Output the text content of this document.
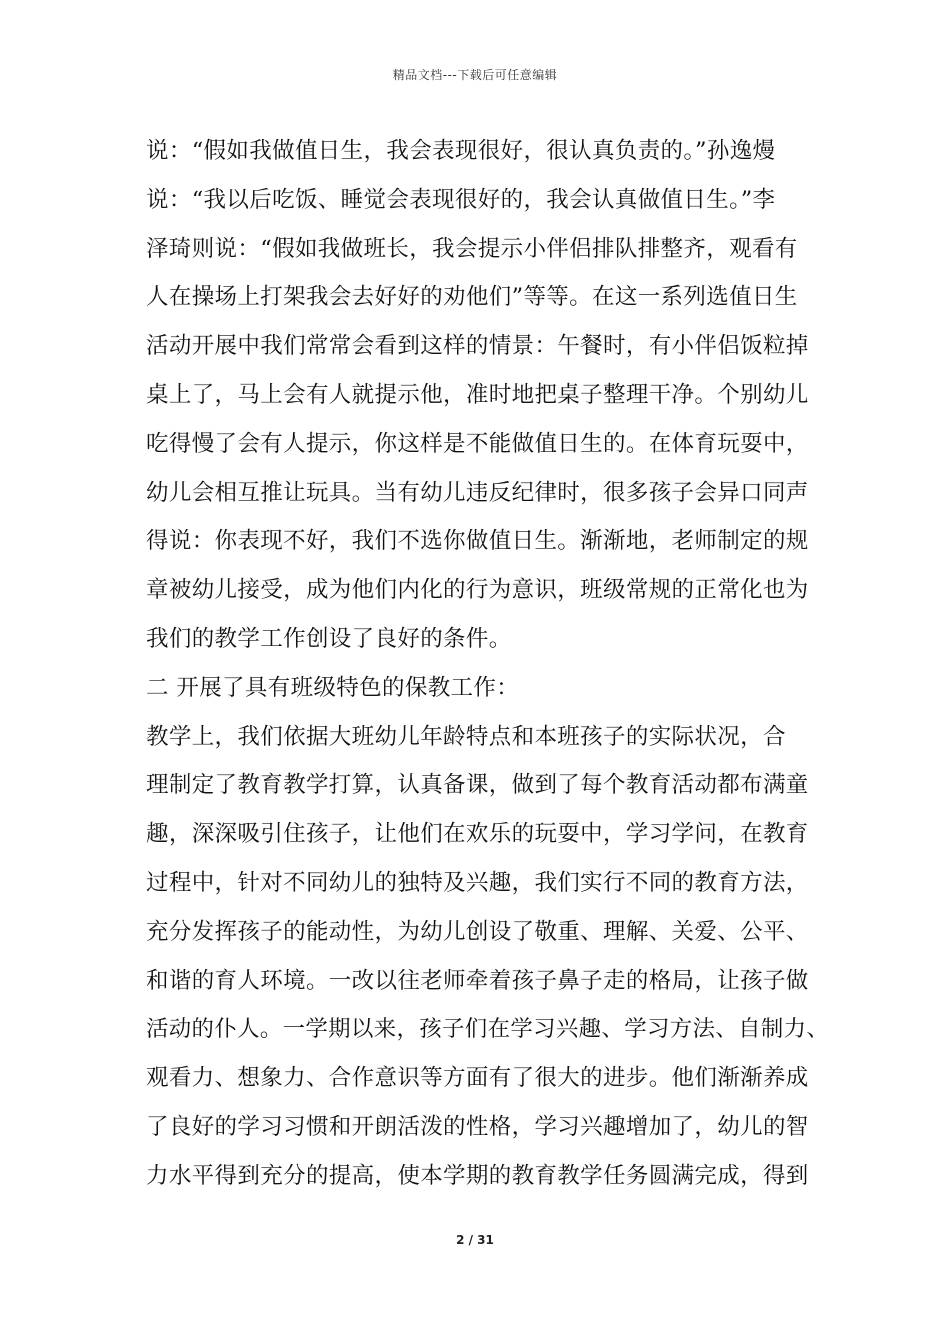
精品文档---下载后可任意编辑
说：“假如我做值日生，我会表现很好，很认真负责的。”孙逸熳
说：“我以后吃饭、睡觉会表现很好的，我会认真做值日生。”李
泽琦则说：“假如我做班长，我会提示小伴侣排队排整齐，观看有
人在操场上打架我会去好好的劝他们”等等。在这一系列选值日生
活动开展中我们常常会看到这样的情景：午餐时，有小伴侣饭粒掉
桌上了，马上会有人就提示他，准时地把桌子整理干净。个别幼儿
吃得慢了会有人提示，你这样是不能做值日生的。在体育玩耍中，
幼儿会相互推让玩具。当有幼儿违反纪律时，很多孩子会异口同声
得说：你表现不好，我们不选你做值日生。渐渐地，老师制定的规
章被幼儿接受，成为他们内化的行为意识，班级常规的正常化也为
我们的教学工作创设了良好的条件。
二 开展了具有班级特色的保教工作：
教学上，我们依据大班幼儿年龄特点和本班孩子的实际状况，合
理制定了教育教学打算，认真备课，做到了每个教育活动都布满童
趣，深深吸引住孩子，让他们在欢乐的玩耍中，学习学问，在教育
过程中，针对不同幼儿的独特及兴趣，我们实行不同的教育方法，
充分发挥孩子的能动性，为幼儿创设了敬重、理解、关爱、公平、
和谐的育人环境。一改以往老师牵着孩子鼻子走的格局，让孩子做
活动的仆人。一学期以来，孩子们在学习兴趣、学习方法、自制力、
观看力、想象力、合作意识等方面有了很大的进步。他们渐渐养成
了良好的学习习惯和开朗活泼的性格，学习兴趣增加了，幼儿的智
力水平得到充分的提高，使本学期的教育教学任务圆满完成，得到
2 / 31
